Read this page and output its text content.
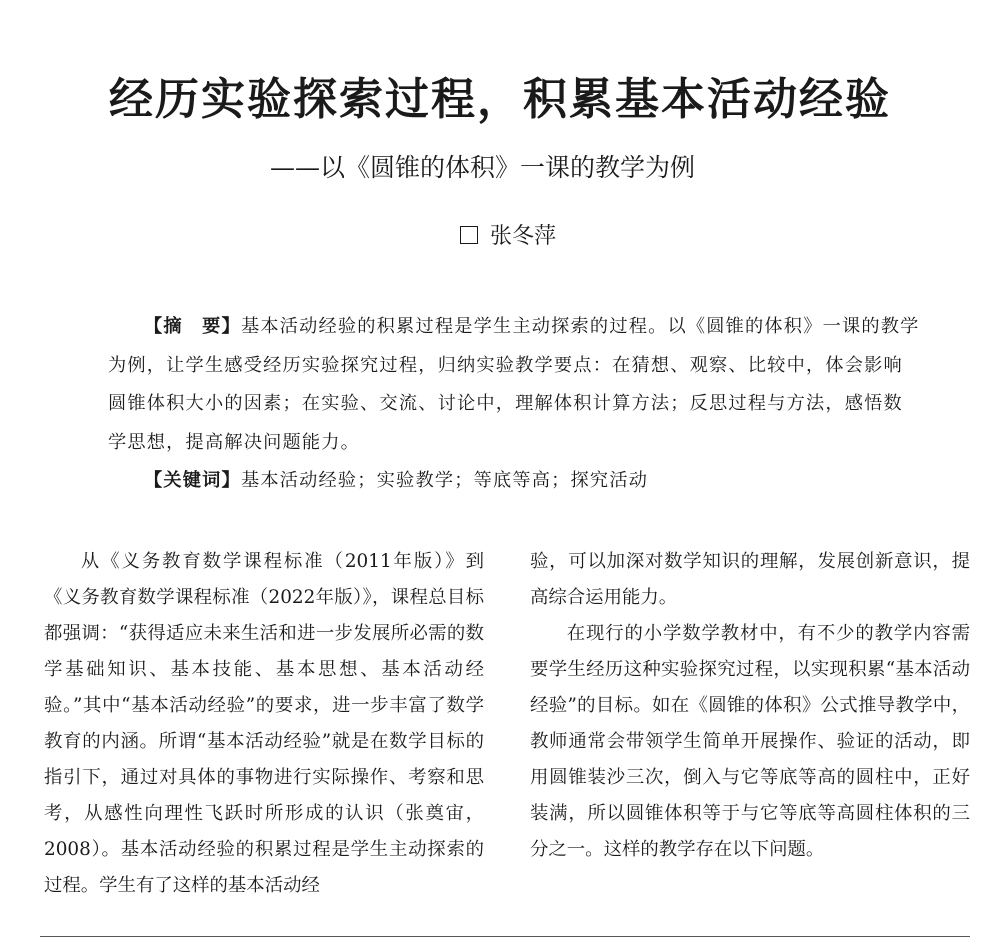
经历实验探索过程，积累基本活动经验
——以《圆锥的体积》一课的教学为例
张冬萍

【摘　要】基本活动经验的积累过程是学生主动探索的过程。以《圆锥的体积》一课的教学为例，让学生感受经历实验探究过程，归纳实验教学要点：在猜想、观察、比较中，体会影响圆锥体积大小的因素；在实验、交流、讨论中，理解体积计算方法；反思过程与方法，感悟数学思想，提高解决问题能力。

【关键词】基本活动经验；实验教学；等底等高；探究活动

从《义务教育数学课程标准（2011年版）》到《义务教育数学课程标准（2022年版）》，课程总目标都强调：“获得适应未来生活和进一步发展所必需的数学基础知识、基本技能、基本思想、基本活动经验。”其中“基本活动经验”的要求，进一步丰富了数学教育的内涵。所谓“基本活动经验”就是在数学目标的指引下，通过对具体的事物进行实际操作、考察和思考，从感性向理性飞跃时所形成的认识（张奠宙，2008）。基本活动经验的积累过程是学生主动探索的过程。学生有了这样的基本活动经

验，可以加深对数学知识的理解，发展创新意识，提高综合运用能力。

在现行的小学数学教材中，有不少的教学内容需要学生经历这种实验探究过程，以实现积累“基本活动经验”的目标。如在《圆锥的体积》公式推导教学中，教师通常会带领学生简单开展操作、验证的活动，即用圆锥装沙三次，倒入与它等底等高的圆柱中，正好装满，所以圆锥体积等于与它等底等高圆柱体积的三分之一。这样的教学存在以下问题。
